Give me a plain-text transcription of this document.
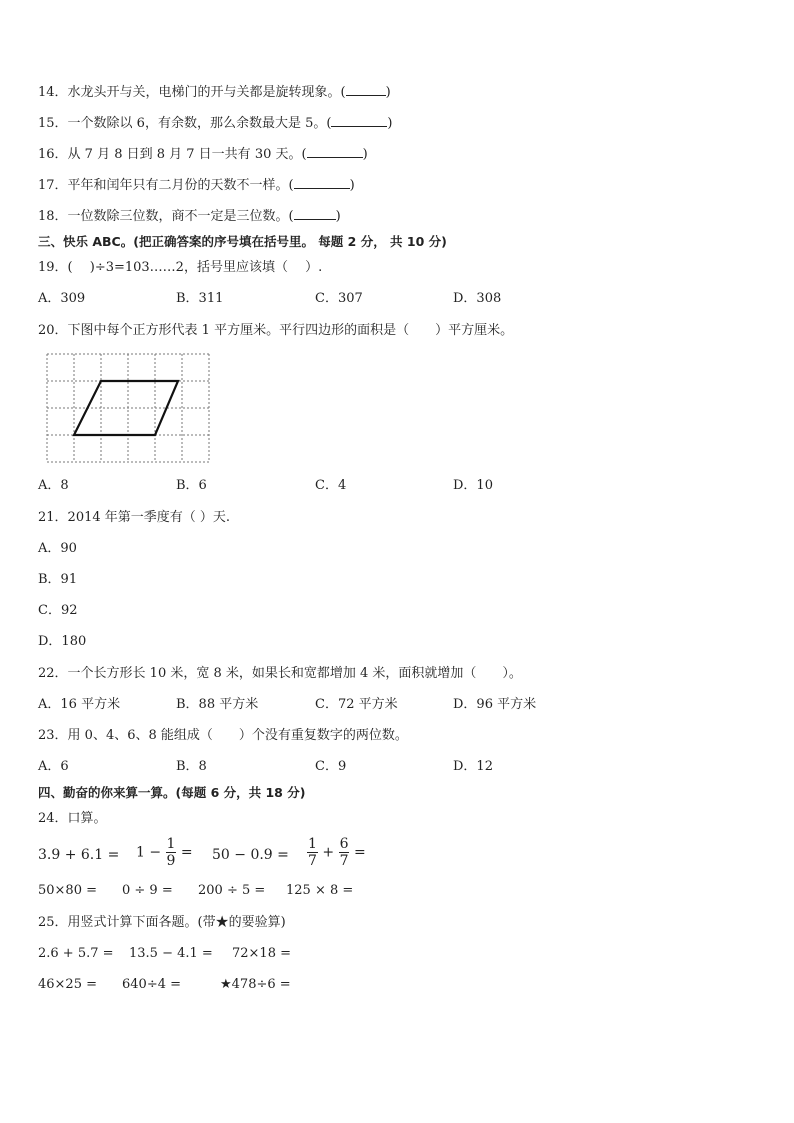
14．水龙头开与关，电梯门的开与关都是旋转现象。(	)
15．一个数除以 6，有余数，那么余数最大是 5。(	)
16．从 7 月 8 日到 8 月 7 日一共有 30 天。(	)
17．平年和闰年只有二月份的天数不一样。(	)
18．一位数除三位数，商不一定是三位数。(	)
三、快乐 ABC。(把正确答案的序号填在括号里。 每题 2 分， 共 10 分)
19．(　 )÷3=103……2，括号里应该填（　 ）.
A．309	B．311	C．307	D．308
20．下图中每个正方形代表 1 平方厘米。平行四边形的面积是（　　）平方厘米。
A．8	B．6	C．4	D．10
21．2014 年第一季度有（ ）天.
A．90
B．91
C．92
D．180
22．一个长方形长 10 米，宽 8 米，如果长和宽都增加 4 米，面积就增加（　　）。
A．16 平方米	B．88 平方米	C．72 平方米	D．96 平方米
23．用 0、4、6、8 能组成（　　）个没有重复数字的两位数。
A．6	B．8	C．9	D．12
四、勤奋的你来算一算。(每题 6 分，共 18 分)
24．口算。
$3.9 + 6.1 = 1 - \frac{1}{9} = 50 - 0.9 = \frac{1}{7} + \frac{6}{7}$ =
50×80 = 0 ÷ 9 = 200 ÷ 5 = 125 × 8 =
25．用竖式计算下面各题。(带★的要验算)
2.6 + 5.7 = 13.5 − 4.1 = 72×18 =
46×25 = 640÷4 =	★478÷6 =
